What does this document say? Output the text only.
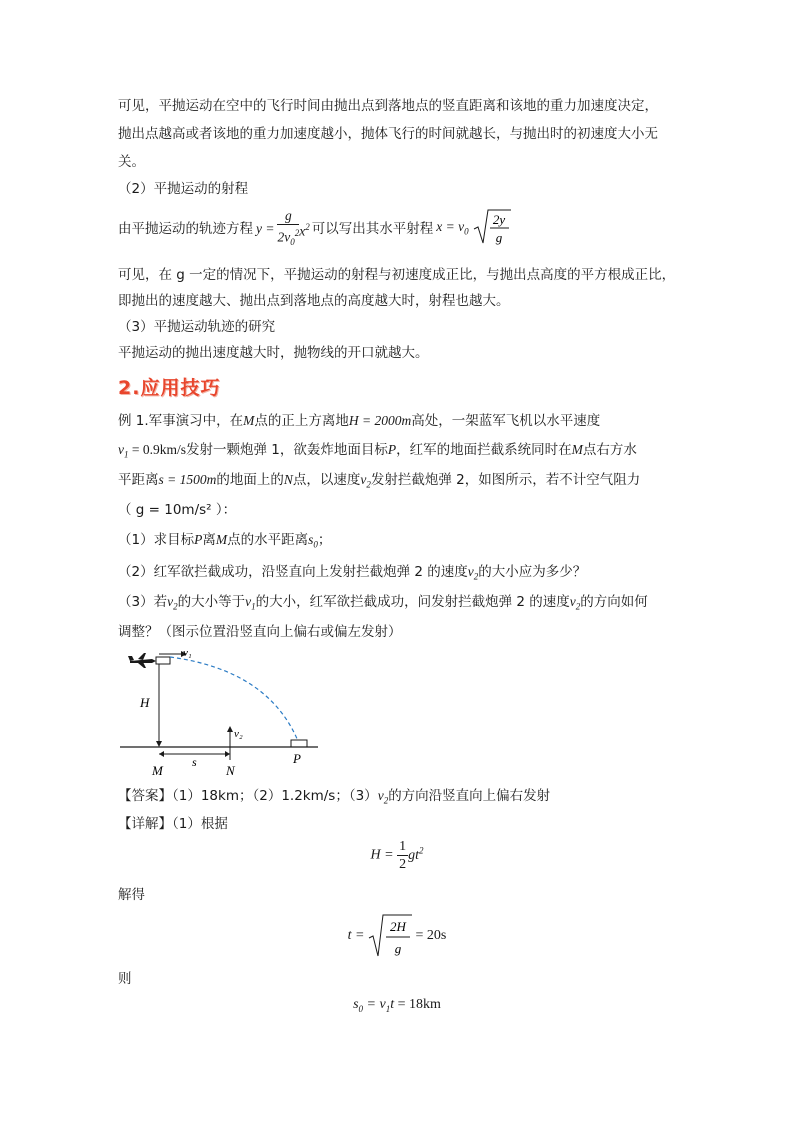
可见，平抛运动在空中的飞行时间由抛出点到落地点的竖直距离和该地的重力加速度决定，
抛出点越高或者该地的重力加速度越小，抛体飞行的时间就越长，与抛出时的初速度大小无
关。
（2）平抛运动的射程
由平抛运动的轨迹方程 $y = \frac{g}{2v_0^2} x^2$ 可以写出其水平射程 $x = v_0$
2y
g
可见，在 g 一定的情况下，平抛运动的射程与初速度成正比，与抛出点高度的平方根成正比，
即抛出的速度越大、抛出点到落地点的高度越大时，射程也越大。
（3）平抛运动轨迹的研究
平抛运动的抛出速度越大时，抛物线的开口就越大。
2.应用技巧
例 1.军事演习中，在M点的正上方离地H = 2000m高处，一架蓝军飞机以水平速度
$v_1 = 0.9km/s$发射一颗炮弹 1，欲轰炸地面目标P，红军的地面拦截系统同时在M点右方水
平距离s = 1500m的地面上的N点，以速度$v_2$发射拦截炮弹 2，如图所示，若不计空气阻力
（ g = 10m/s² ）：
（1）求目标P离M点的水平距离$s_0$；
（2）红军欲拦截成功，沿竖直向上发射拦截炮弹 2 的速度$v_2$的大小应为多少？
（3）若$v_2$的大小等于$v_1$的大小，红军欲拦截成功，问发射拦截炮弹 2 的速度$v_2$的方向如何
调整？（图示位置沿竖直向上偏右或偏左发射）
v₁
H
v₂
s
M	N
P
【答案】（1）18km；（2）1.2km/s；$(3)v_2$的方向沿竖直向上偏右发射
【详解】（1）根据
$H = \frac{1}{2} gt^2$
解得
t =
2H
g
= 20s
则
$s_0 = v_1t = 18km$
